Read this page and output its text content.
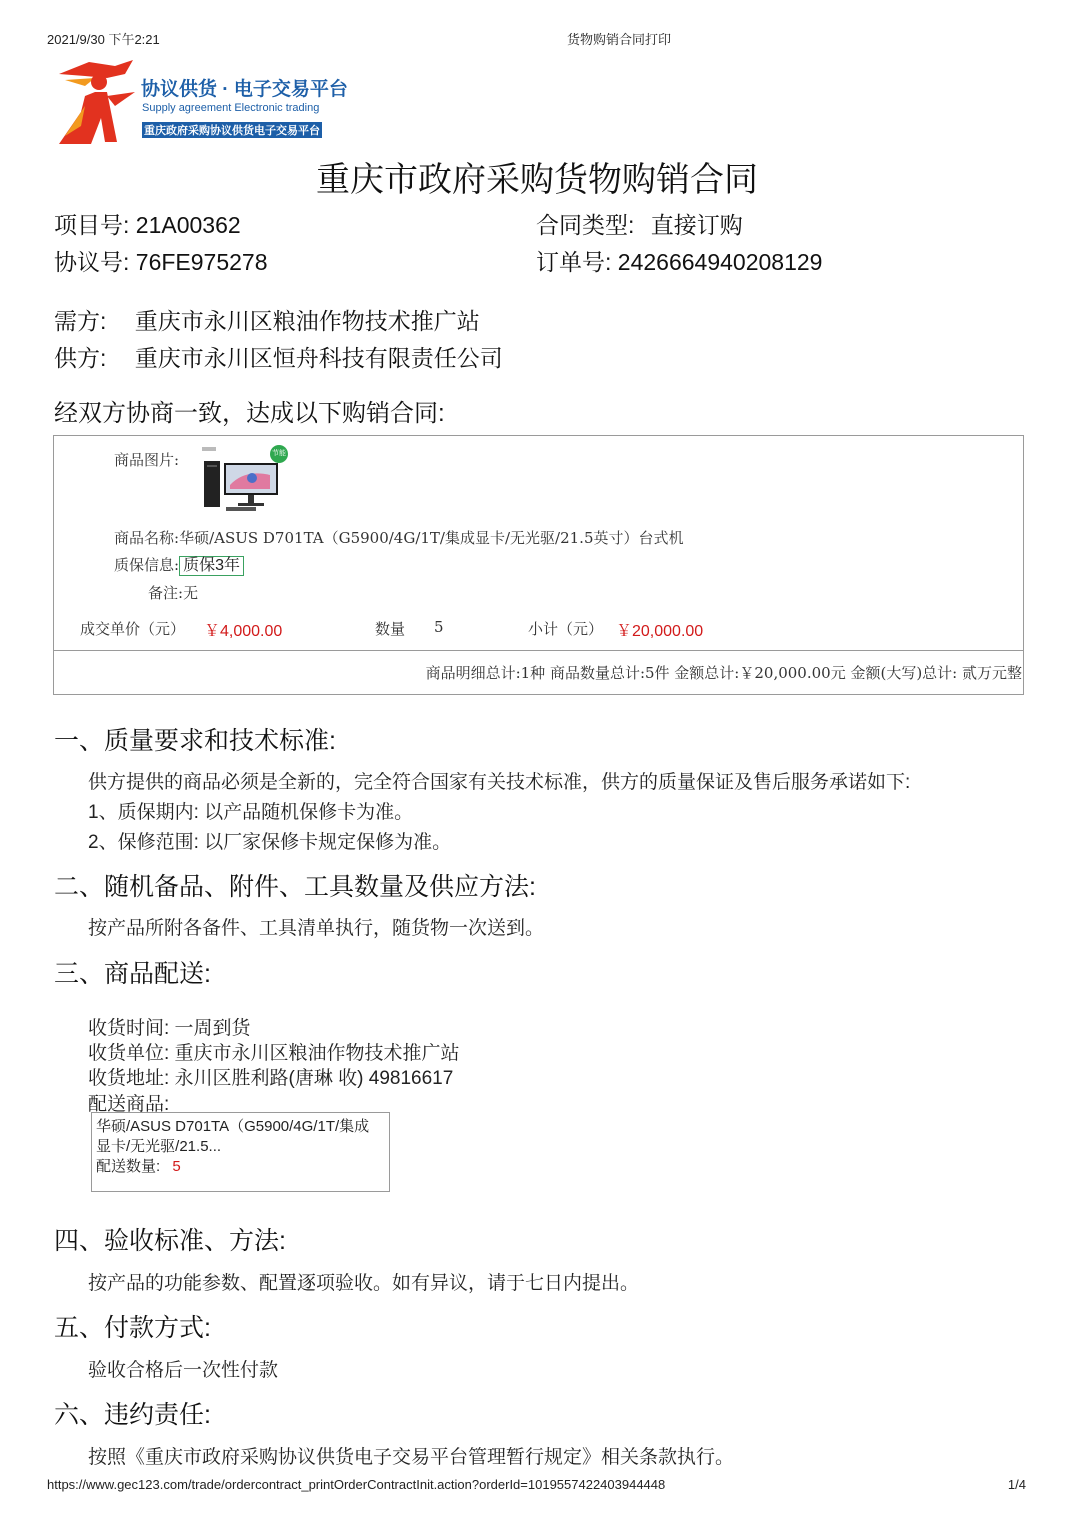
2021/9/30 下午2:21	货物购销合同打印
协议供货 · 电子交易平台
Supply agreement Electronic trading
重庆政府采购协议供货电子交易平台
重庆市政府采购货物购销合同
项目号: 21A00362	合同类型: 直接订购
协议号: 76FE975278	订单号: 2426664940208129
需方: 重庆市永川区粮油作物技术推广站
供方: 重庆市永川区恒舟科技有限责任公司
经双方协商一致，达成以下购销合同:
商品图片:	节能
商品名称:华硕/ASUS D701TA（G5900/4G/1T/集成显卡/无光驱/21.5英寸）台式机
质保信息: 质保3年
备注:无
成交单价（元） ￥4,000.00	数量 5	小计（元） ￥20,000.00
商品明细总计:1种 商品数量总计:5件 金额总计:￥20,000.00元 金额(大写)总计: 贰万元整
一、质量要求和技术标准:
供方提供的商品必须是全新的，完全符合国家有关技术标准，供方的质量保证及售后服务承诺如下:
1、质保期内: 以产品随机保修卡为准。
2、保修范围: 以厂家保修卡规定保修为准。
二、随机备品、附件、工具数量及供应方法:
按产品所附各备件、工具清单执行，随货物一次送到。
三、商品配送:
收货时间: 一周到货
收货单位: 重庆市永川区粮油作物技术推广站
收货地址: 永川区胜利路(唐琳 收) 49816617
配送商品:
华硕/ASUS D701TA（G5900/4G/1T/集成
显卡/无光驱/21.5...
配送数量: 5
四、验收标准、方法:
按产品的功能参数、配置逐项验收。如有异议，请于七日内提出。
五、付款方式:
验收合格后一次性付款
六、违约责任:
按照《重庆市政府采购协议供货电子交易平台管理暂行规定》相关条款执行。
https://www.gec123.com/trade/ordercontract_printOrderContractInit.action?orderId=1019557422403944448	1/4
